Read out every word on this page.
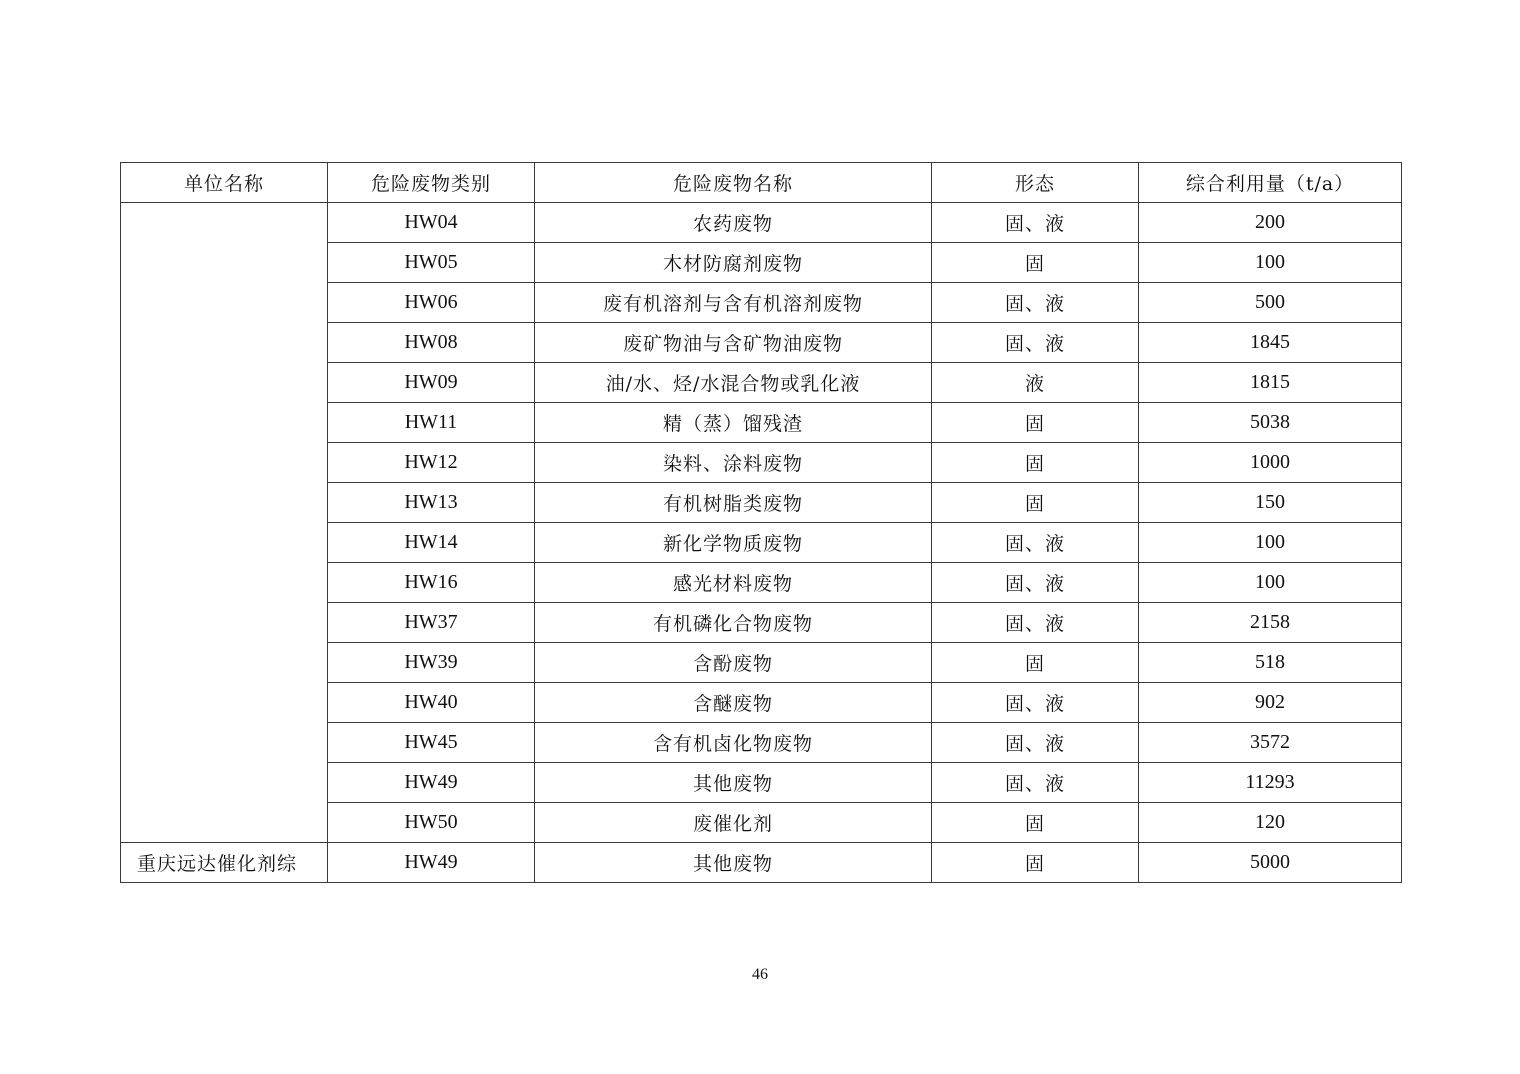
单位名称	危险废物类别	危险废物名称	形态	综合利用量（t/a）
	HW04	农药废物	固、液	200
	HW05	木材防腐剂废物	固	100
	HW06	废有机溶剂与含有机溶剂废物	固、液	500
	HW08	废矿物油与含矿物油废物	固、液	1845
	HW09	油/水、烃/水混合物或乳化液	液	1815
	HW11	精（蒸）馏残渣	固	5038
	HW12	染料、涂料废物	固	1000
	HW13	有机树脂类废物	固	150
	HW14	新化学物质废物	固、液	100
	HW16	感光材料废物	固、液	100
	HW37	有机磷化合物废物	固、液	2158
	HW39	含酚废物	固	518
	HW40	含醚废物	固、液	902
	HW45	含有机卤化物废物	固、液	3572
	HW49	其他废物	固、液	11293
	HW50	废催化剂	固	120
重庆远达催化剂综	HW49	其他废物	固	5000
46
